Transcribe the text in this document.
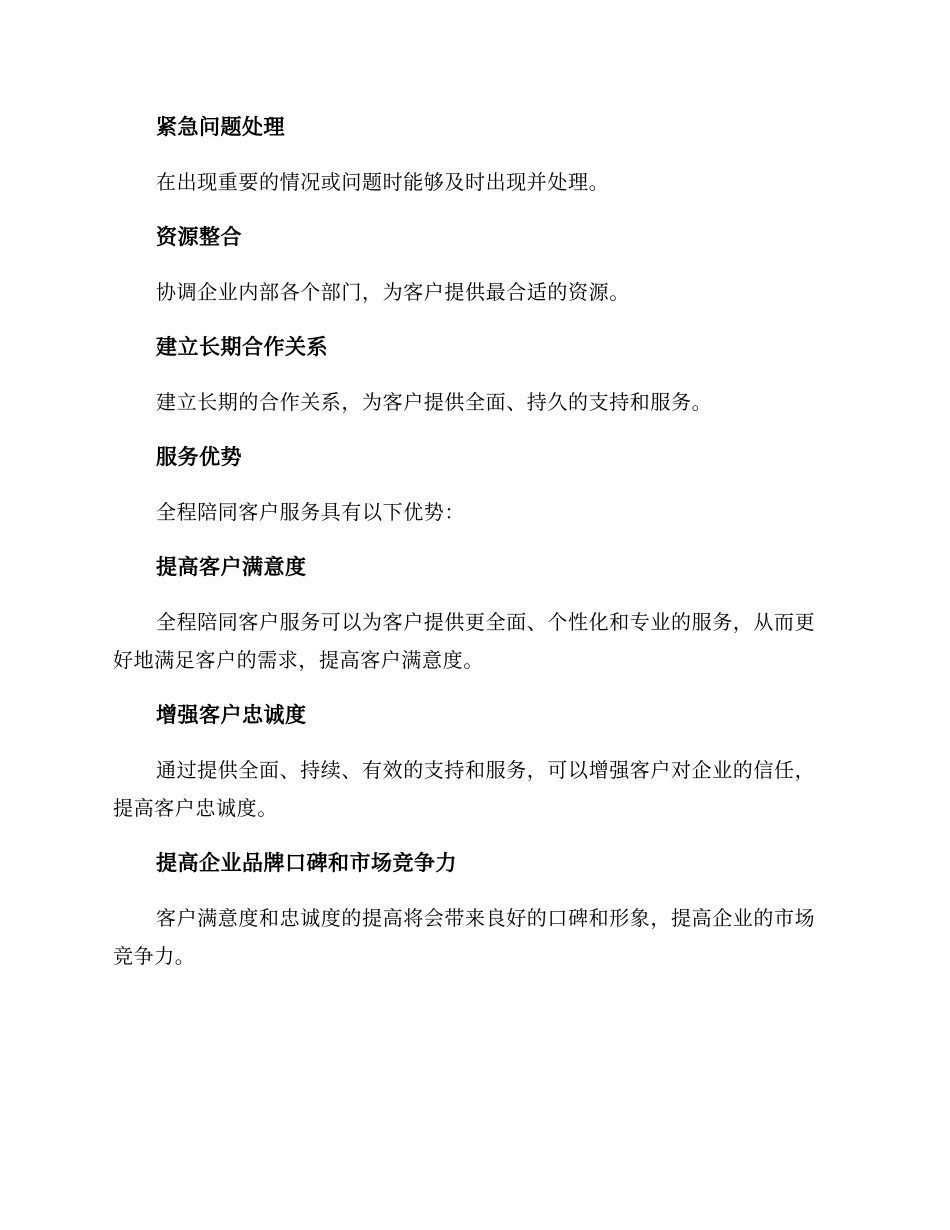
紧急问题处理

在出现重要的情况或问题时能够及时出现并处理。

资源整合

协调企业内部各个部门，为客户提供最合适的资源。

建立长期合作关系

建立长期的合作关系，为客户提供全面、持久的支持和服务。

服务优势

全程陪同客户服务具有以下优势：

提高客户满意度

全程陪同客户服务可以为客户提供更全面、个性化和专业的服务，从而更好地满足客户的需求，提高客户满意度。

增强客户忠诚度

通过提供全面、持续、有效的支持和服务，可以增强客户对企业的信任，提高客户忠诚度。

提高企业品牌口碑和市场竞争力

客户满意度和忠诚度的提高将会带来良好的口碑和形象，提高企业的市场竞争力。
